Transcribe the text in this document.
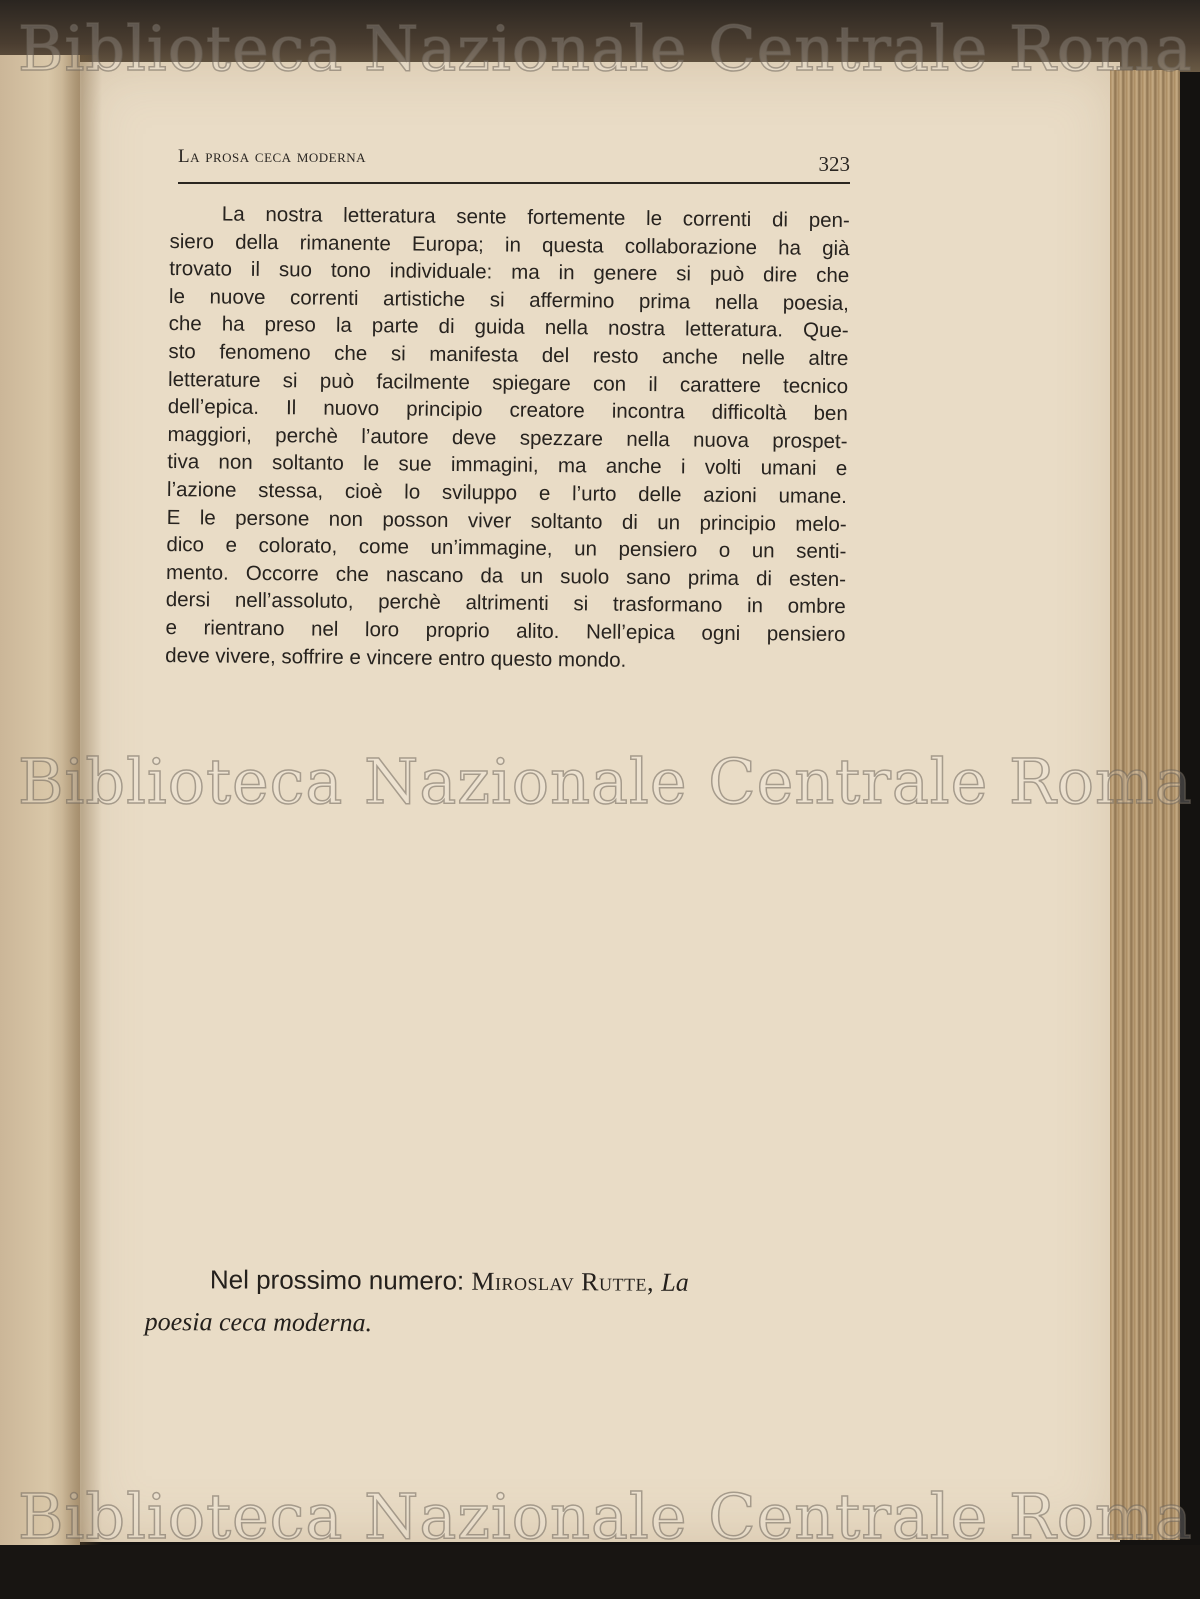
La prosa ceca moderna	323
La nostra letteratura sente fortemente le correnti di pen-
siero della rimanente Europa; in questa collaborazione ha già
trovato il suo tono individuale: ma in genere si può dire che
le nuove correnti artistiche si affermino prima nella poesia,
che ha preso la parte di guida nella nostra letteratura. Que-
sto fenomeno che si manifesta del resto anche nelle altre
letterature si può facilmente spiegare con il carattere tecnico
dell’epica. Il nuovo principio creatore incontra difficoltà ben
maggiori, perchè l’autore deve spezzare nella nuova prospet-
tiva non soltanto le sue immagini, ma anche i volti umani e
l’azione stessa, cioè lo sviluppo e l’urto delle azioni umane.
E le persone non posson viver soltanto di un principio melo-
dico e colorato, come un’immagine, un pensiero o un senti-
mento. Occorre che nascano da un suolo sano prima di esten-
dersi nell’assoluto, perchè altrimenti si trasformano in ombre
e rientrano nel loro proprio alito. Nell’epica ogni pensiero
deve vivere, soffrire e vincere entro questo mondo.
Nel prossimo numero: Miroslav Rutte, La
poesia ceca moderna.
